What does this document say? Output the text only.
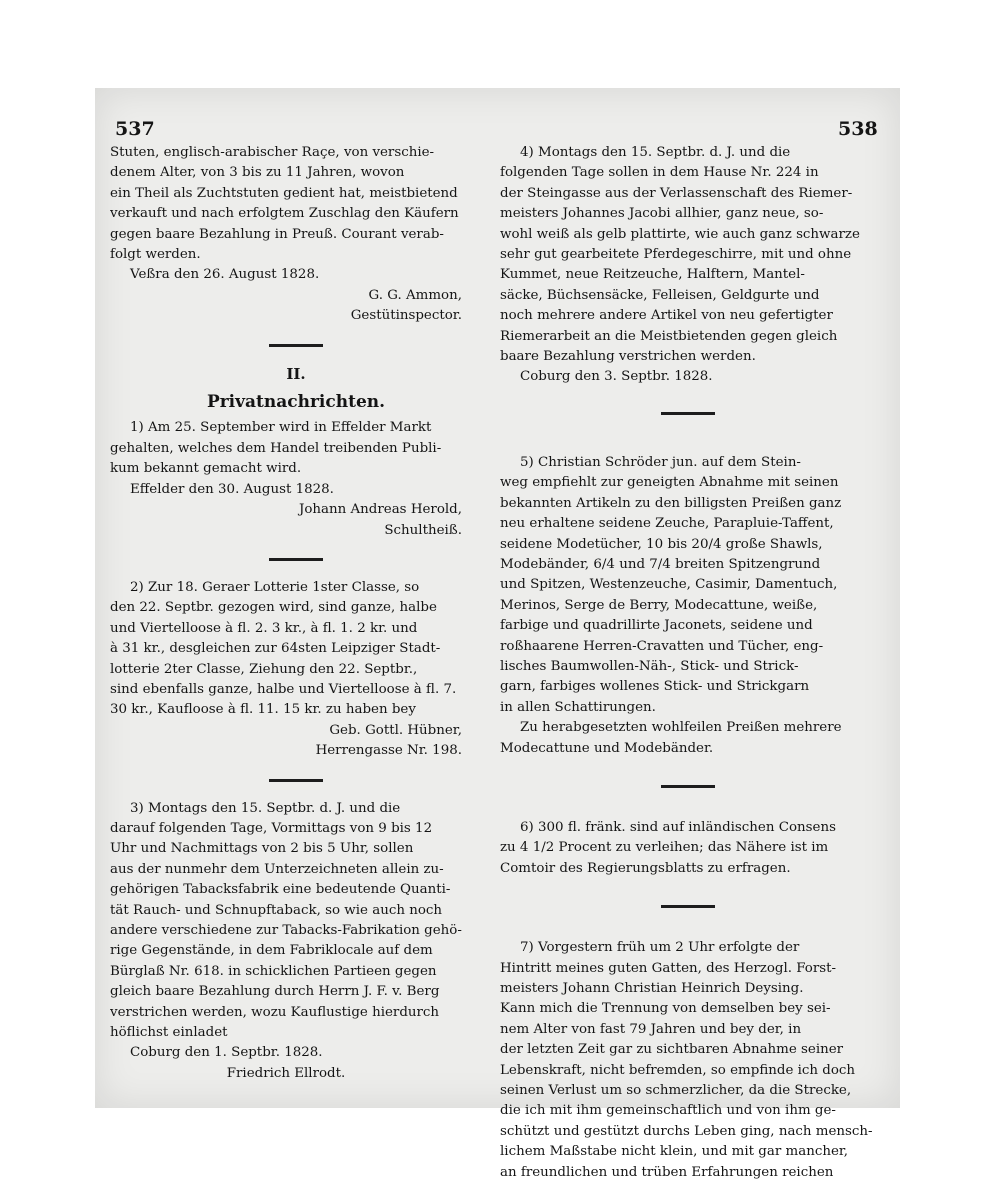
537	538
Stuten, englisch-arabischer Raçe, von verschie-
denem Alter, von 3 bis zu 11 Jahren, wovon
ein Theil als Zuchtstuten gedient hat, meistbietend
verkauft und nach erfolgtem Zuschlag den Käufern
gegen baare Bezahlung in Preuß. Courant verab-
folgt werden.
Veßra den 26. August 1828.
G. G. Ammon,
Gestütinspector.
II.
Privatnachrichten.
1) Am 25. September wird in Effelder Markt
gehalten, welches dem Handel treibenden Publi-
kum bekannt gemacht wird.
Effelder den 30. August 1828.
Johann Andreas Herold,
Schultheiß.
2) Zur 18. Geraer Lotterie 1ster Classe, so
den 22. Septbr. gezogen wird, sind ganze, halbe
und Viertelloose à fl. 2. 3 kr., à fl. 1. 2 kr. und
à 31 kr., desgleichen zur 64sten Leipziger Stadt-
lotterie 2ter Classe, Ziehung den 22. Septbr.,
sind ebenfalls ganze, halbe und Viertelloose à fl. 7.
30 kr., Kaufloose à fl. 11. 15 kr. zu haben bey
Geb. Gottl. Hübner,
Herrengasse Nr. 198.
3) Montags den 15. Septbr. d. J. und die
darauf folgenden Tage, Vormittags von 9 bis 12
Uhr und Nachmittags von 2 bis 5 Uhr, sollen
aus der nunmehr dem Unterzeichneten allein zu-
gehörigen Tabacksfabrik eine bedeutende Quanti-
tät Rauch- und Schnupftaback, so wie auch noch
andere verschiedene zur Tabacks-Fabrikation gehö-
rige Gegenstände, in dem Fabriklocale auf dem
Bürglaß Nr. 618. in schicklichen Partieen gegen
gleich baare Bezahlung durch Herrn J. F. v. Berg
verstrichen werden, wozu Kauflustige hierdurch
höflichst einladet
Coburg den 1. Septbr. 1828.
Friedrich Ellrodt.
4) Montags den 15. Septbr. d. J. und die
folgenden Tage sollen in dem Hause Nr. 224 in
der Steingasse aus der Verlassenschaft des Riemer-
meisters Johannes Jacobi allhier, ganz neue, so-
wohl weiß als gelb plattirte, wie auch ganz schwarze
sehr gut gearbeitete Pferdegeschirre, mit und ohne
Kummet, neue Reitzeuche, Halftern, Mantel-
säcke, Büchsensäcke, Felleisen, Geldgurte und
noch mehrere andere Artikel von neu gefertigter
Riemerarbeit an die Meistbietenden gegen gleich
baare Bezahlung verstrichen werden.
Coburg den 3. Septbr. 1828.
5) Christian Schröder jun. auf dem Stein-
weg empfiehlt zur geneigten Abnahme mit seinen
bekannten Artikeln zu den billigsten Preißen ganz
neu erhaltene seidene Zeuche, Parapluie-Taffent,
seidene Modetücher, 10 bis 20/4 große Shawls,
Modebänder, 6/4 und 7/4 breiten Spitzengrund
und Spitzen, Westenzeuche, Casimir, Damentuch,
Merinos, Serge de Berry, Modecattune, weiße,
farbige und quadrillirte Jaconets, seidene und
roßhaarene Herren-Cravatten und Tücher, eng-
lisches Baumwollen-Näh-, Stick- und Strick-
garn, farbiges wollenes Stick- und Strickgarn
in allen Schattirungen.
Zu herabgesetzten wohlfeilen Preißen mehrere
Modecattune und Modebänder.
6) 300 fl. fränk. sind auf inländischen Consens
zu 4 1/2 Procent zu verleihen; das Nähere ist im
Comtoir des Regierungsblatts zu erfragen.
7) Vorgestern früh um 2 Uhr erfolgte der
Hintritt meines guten Gatten, des Herzogl. Forst-
meisters Johann Christian Heinrich Deysing.
Kann mich die Trennung von demselben bey sei-
nem Alter von fast 79 Jahren und bey der, in
der letzten Zeit gar zu sichtbaren Abnahme seiner
Lebenskraft, nicht befremden, so empfinde ich doch
seinen Verlust um so schmerzlicher, da die Strecke,
die ich mit ihm gemeinschaftlich und von ihm ge-
schützt und gestützt durchs Leben ging, nach mensch-
lichem Maßstabe nicht klein, und mit gar mancher,
an freundlichen und trüben Erfahrungen reichen
